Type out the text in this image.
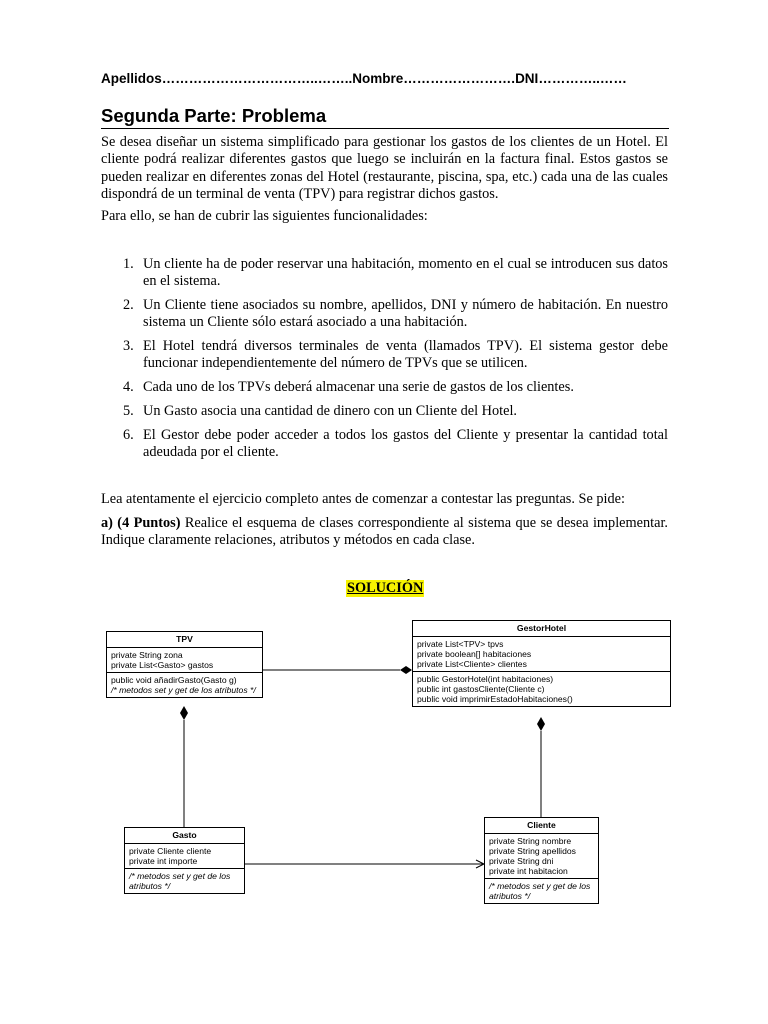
Apellidos……………………………..……..Nombre…………………….DNI…………..……
Segunda Parte: Problema
Se desea diseñar un sistema simplificado para gestionar los gastos de los clientes de un Hotel. El cliente podrá realizar diferentes gastos que luego se incluirán en la factura final. Estos gastos se pueden realizar en diferentes zonas del Hotel (restaurante, piscina, spa, etc.) cada una de las cuales dispondrá de un terminal de venta (TPV) para registrar dichos gastos.
Para ello, se han de cubrir las siguientes funcionalidades:
1. Un cliente ha de poder reservar una habitación, momento en el cual se introducen sus datos en el sistema.
2. Un Cliente tiene asociados su nombre, apellidos, DNI y número de habitación. En nuestro sistema un Cliente sólo estará asociado a una habitación.
3. El Hotel tendrá diversos terminales de venta (llamados TPV). El sistema gestor debe funcionar independientemente del número de TPVs que se utilicen.
4. Cada uno de los TPVs deberá almacenar una serie de gastos de los clientes.
5. Un Gasto asocia una cantidad de dinero con un Cliente del Hotel.
6. El Gestor debe poder acceder a todos los gastos del Cliente y presentar la cantidad total adeudada por el cliente.
Lea atentamente el ejercicio completo antes de comenzar a contestar las preguntas. Se pide:
a) (4 Puntos) Realice el esquema de clases correspondiente al sistema que se desea implementar. Indique claramente relaciones, atributos y métodos en cada clase.
SOLUCIÓN
TPV
private String zona
private List<Gasto> gastos
public void añadirGasto(Gasto g)
/* metodos set y get de los atributos */
GestorHotel
private List<TPV> tpvs
private boolean[] habitaciones
private List<Cliente> clientes
public GestorHotel(int habitaciones)
public int gastosCliente(Cliente c)
public void imprimirEstadoHabitaciones()
Gasto
private Cliente cliente
private int importe
/* metodos set y get de los atributos */
Cliente
private String nombre
private String apellidos
private String dni
private int habitacion
/* metodos set y get de los atributos */
